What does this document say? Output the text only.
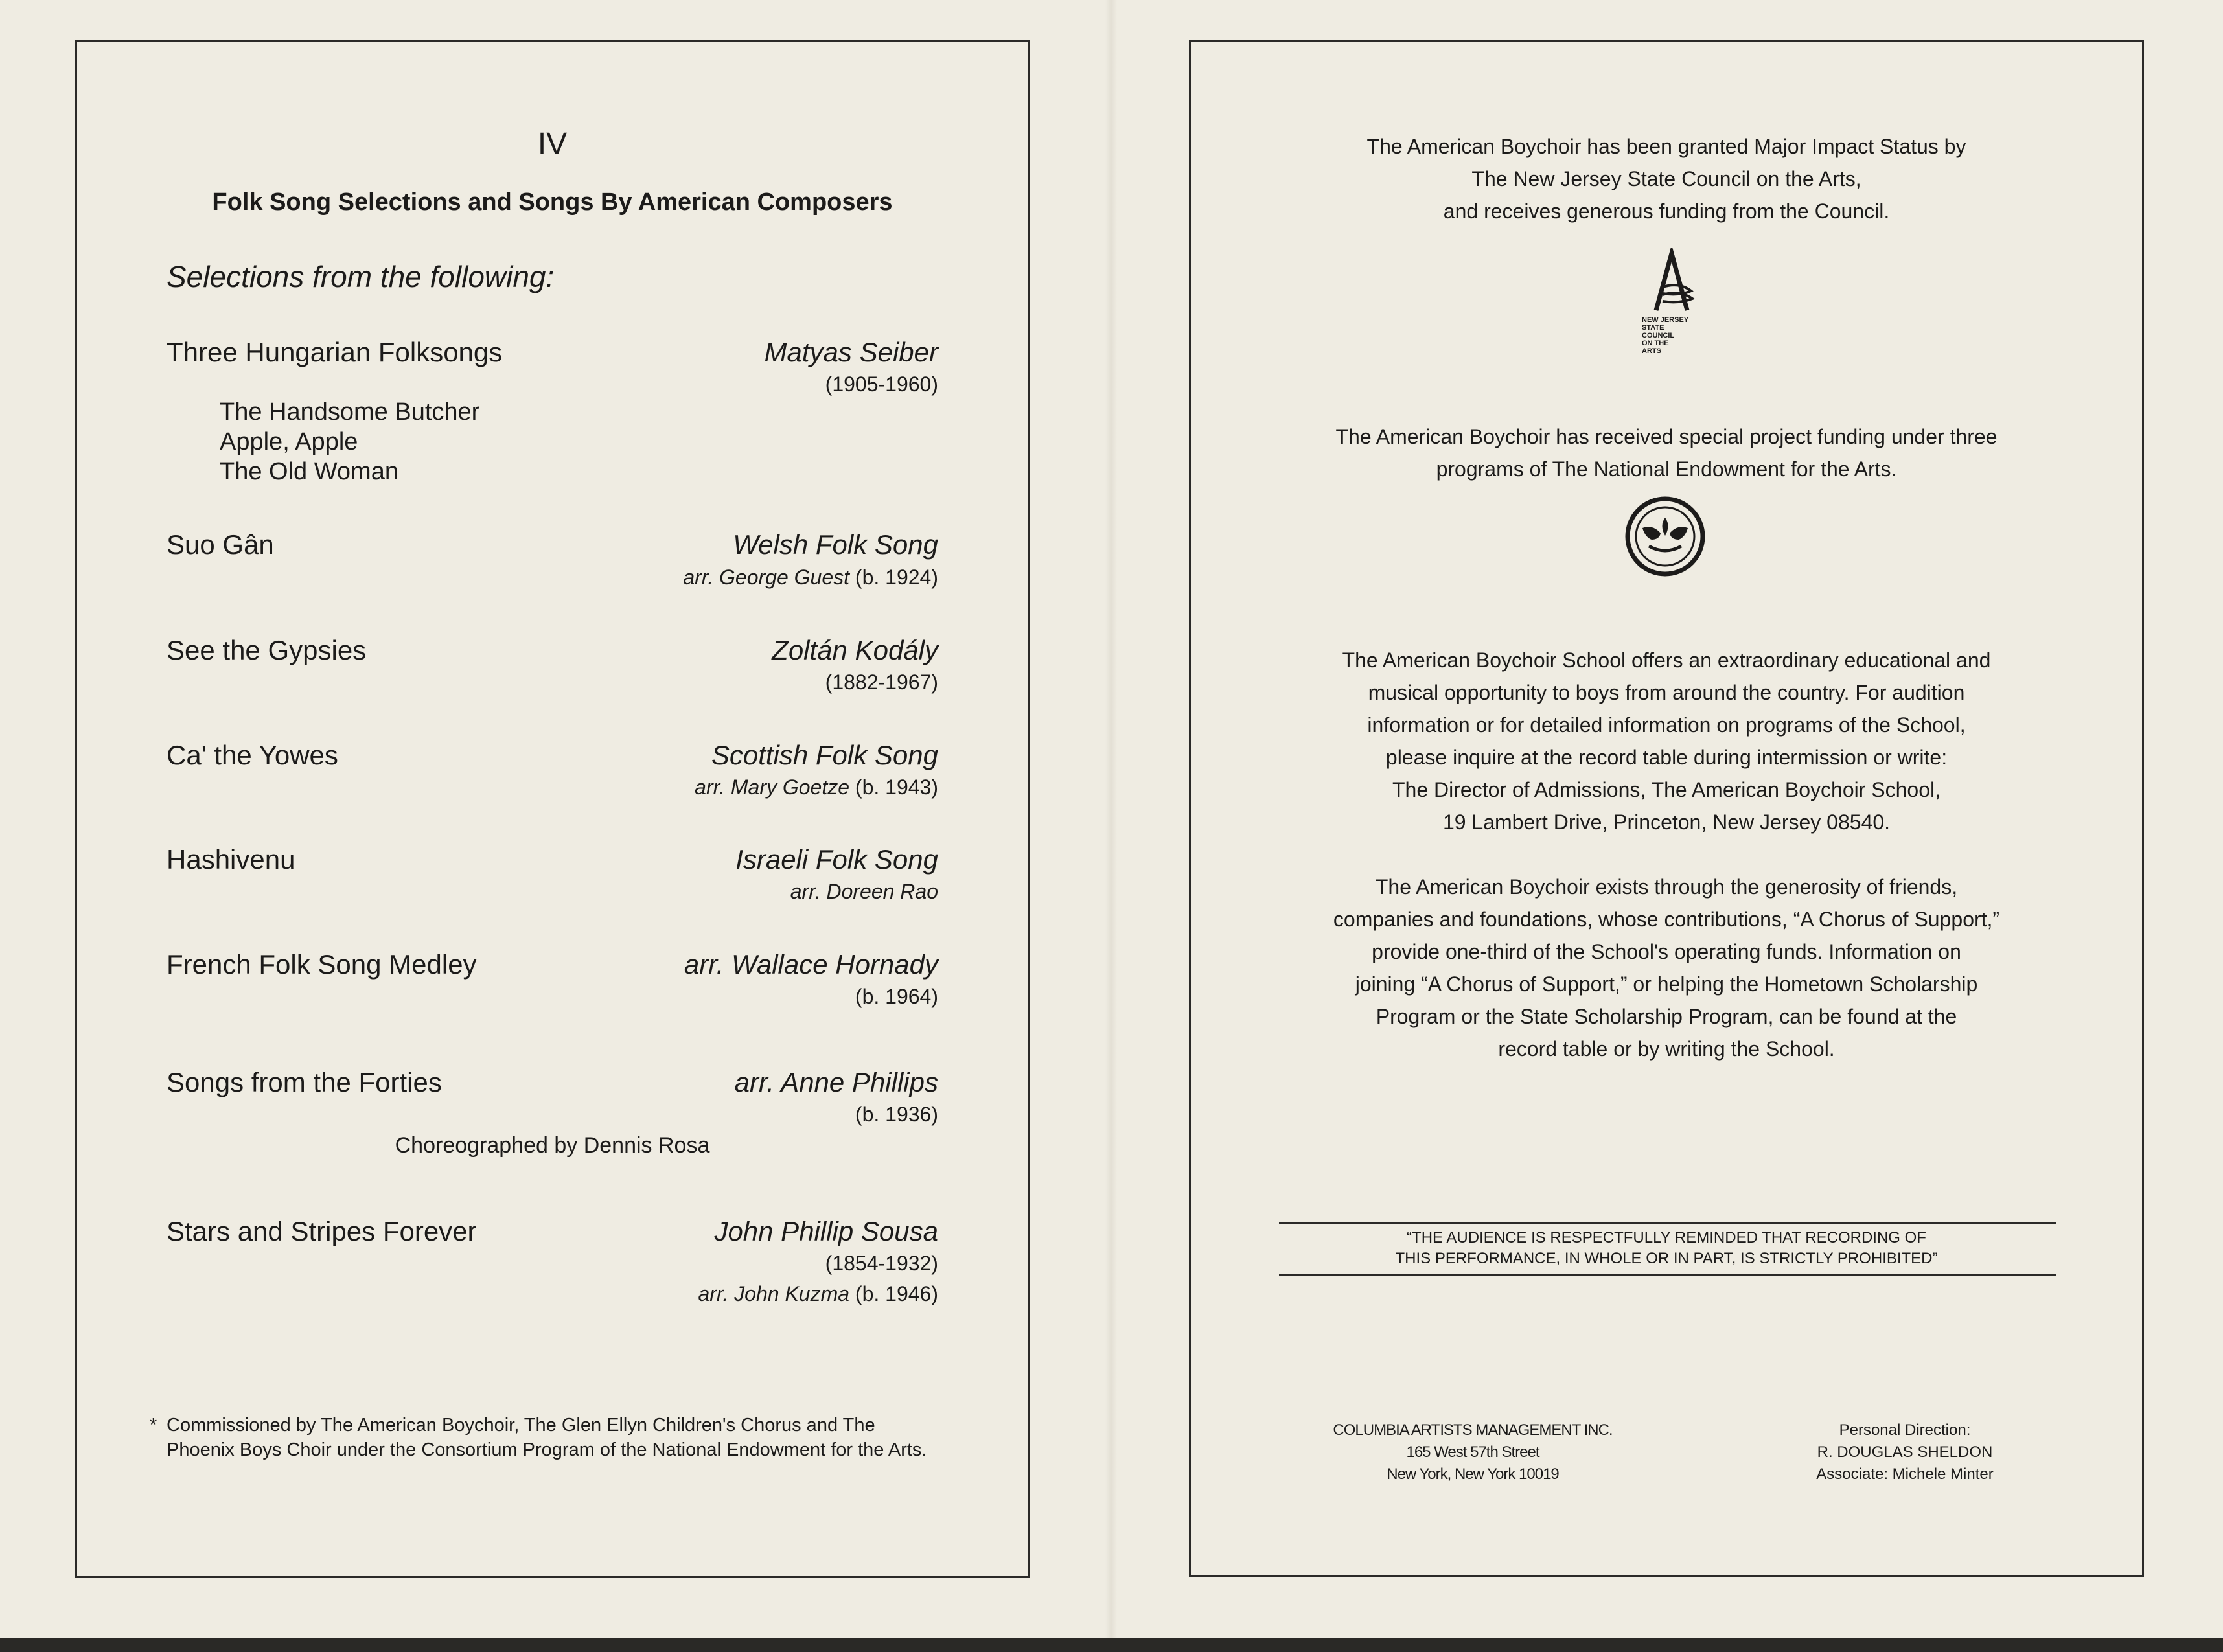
IV
Folk Song Selections and Songs By American Composers
Selections from the following:
Three Hungarian Folksongs	Matyas Seiber
(1905-1960)
The Handsome Butcher
Apple, Apple
The Old Woman
Suo Gân	Welsh Folk Song
arr. George Guest (b. 1924)
See the Gypsies	Zoltán Kodály
(1882-1967)
Ca' the Yowes	Scottish Folk Song
arr. Mary Goetze (b. 1943)
Hashivenu	Israeli Folk Song
arr. Doreen Rao
French Folk Song Medley	arr. Wallace Hornady
(b. 1964)
Songs from the Forties	arr. Anne Phillips
(b. 1936)
Choreographed by Dennis Rosa
Stars and Stripes Forever	John Phillip Sousa
(1854-1932)
arr. John Kuzma (b. 1946)
* Commissioned by The American Boychoir, The Glen Ellyn Children's Chorus and The Phoenix Boys Choir under the Consortium Program of the National Endowment for the Arts.
The American Boychoir has been granted Major Impact Status by
The New Jersey State Council on the Arts,
and receives generous funding from the Council.
NEW JERSEY
STATE
COUNCIL
ON THE
ARTS
The American Boychoir has received special project funding under three
programs of The National Endowment for the Arts.
The American Boychoir School offers an extraordinary educational and
musical opportunity to boys from around the country. For audition
information or for detailed information on programs of the School,
please inquire at the record table during intermission or write:
The Director of Admissions, The American Boychoir School,
19 Lambert Drive, Princeton, New Jersey 08540.
The American Boychoir exists through the generosity of friends,
companies and foundations, whose contributions, “A Chorus of Support,”
provide one-third of the School's operating funds. Information on
joining “A Chorus of Support,” or helping the Hometown Scholarship
Program or the State Scholarship Program, can be found at the
record table or by writing the School.
“THE AUDIENCE IS RESPECTFULLY REMINDED THAT RECORDING OF
THIS PERFORMANCE, IN WHOLE OR IN PART, IS STRICTLY PROHIBITED”
COLUMBIA ARTISTS MANAGEMENT INC.
165 West 57th Street
New York, New York 10019
Personal Direction:
R. DOUGLAS SHELDON
Associate: Michele Minter
